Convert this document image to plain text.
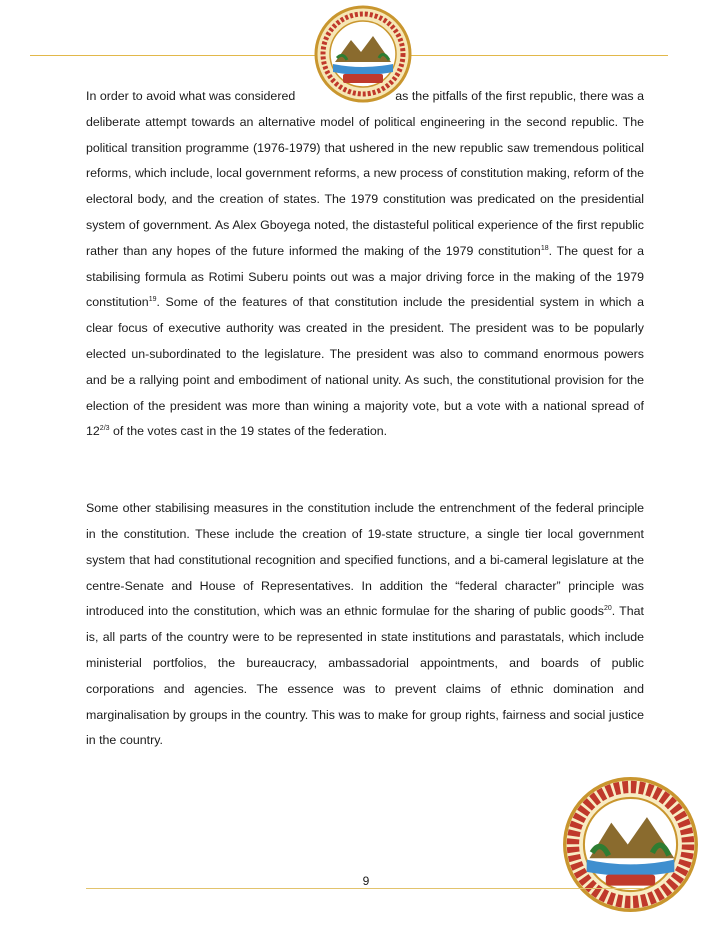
In order to avoid what was considered	as the pitfalls of the first republic, there was a deliberate attempt towards an alternative model of political engineering in the second republic. The political transition programme (1976-1979) that ushered in the new republic saw tremendous political reforms, which include, local government reforms, a new process of constitution making, reform of the electoral body, and the creation of states. The 1979 constitution was predicated on the presidential system of government. As Alex Gboyega noted, the distasteful political experience of the first republic rather than any hopes of the future informed the making of the 1979 constitution$^{18}$. The quest for a stabilising formula as Rotimi Suberu points out was a major driving force in the making of the 1979 constitution$^{19}$. Some of the features of that constitution include the presidential system in which a clear focus of executive authority was created in the president. The president was to be popularly elected un-subordinated to the legislature. The president was also to command enormous powers and be a rallying point and embodiment of national unity. As such, the constitutional provision for the election of the president was more than wining a majority vote, but a vote with a national spread of $12^{2/3}$ of the votes cast in the 19 states of the federation.

Some other stabilising measures in the constitution include the entrenchment of the federal principle in the constitution. These include the creation of 19-state structure, a single tier local government system that had constitutional recognition and specified functions, and a bi-cameral legislature at the centre-Senate and House of Representatives. In addition the “federal character” principle was introduced into the constitution, which was an ethnic formulae for the sharing of public goods$^{20}$. That is, all parts of the country were to be represented in state institutions and parastatals, which include ministerial portfolios, the bureaucracy, ambassadorial appointments, and boards of public corporations and agencies. The essence was to prevent claims of ethnic domination and marginalisation by groups in the country. This was to make for group rights, fairness and social justice in the country.

9
